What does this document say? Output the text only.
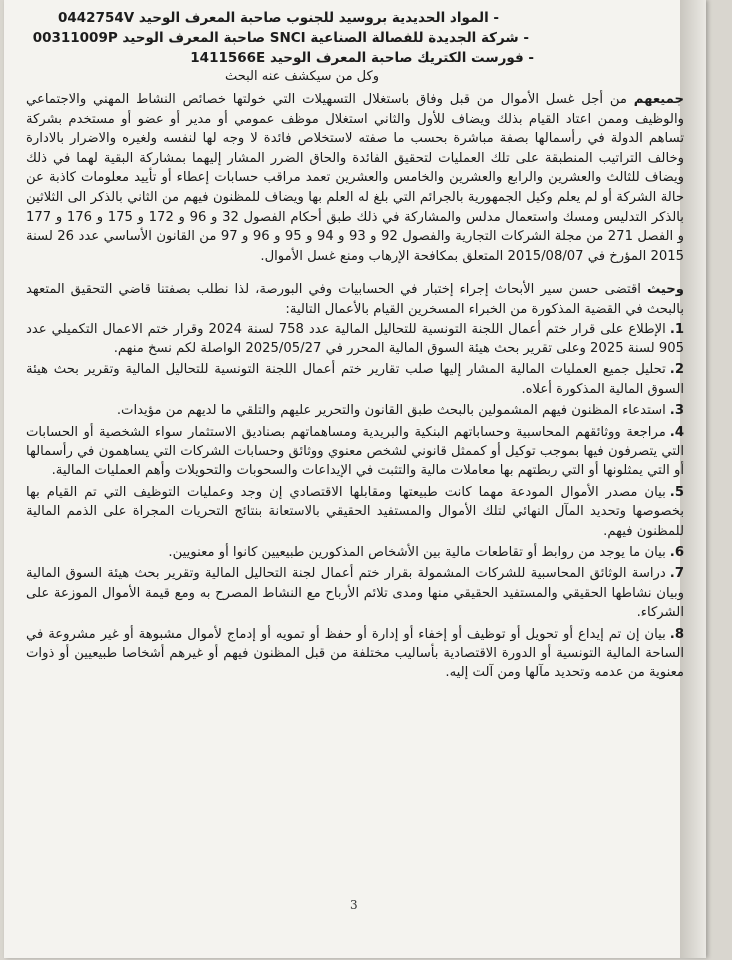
- المواد الحديدية بروسيد للجنوب صاحبة المعرف الوحيد 0442754V

- شركة الجديدة للفصالة الصناعية SNCI صاحبة المعرف الوحيد 00311009P

- فورست الكتريك صاحبة المعرف الوحيد 1411566E

وكل من سيكشف عنه البحث

جميعهم من أجل غسل الأموال من قبل وفاق باستغلال التسهيلات التي خولتها خصائص النشاط المهني والاجتماعي والوظيف وممن اعتاد القيام بذلك ويضاف للأول والثاني استغلال موظف عمومي أو مدير أو عضو أو مستخدم بشركة تساهم الدولة في رأسمالها بصفة مباشرة بحسب ما صفته لاستخلاص فائدة لا وجه لها لنفسه ولغيره والاضرار بالادارة وخالف التراتيب المنطبقة على تلك العمليات لتحقيق الفائدة والحاق الضرر المشار إليهما بمشاركة البقية لهما في ذلك ويضاف للثالث والعشرين والرابع والعشرين والخامس والعشرين تعمد مراقب حسابات إعطاء أو تأييد معلومات كاذبة عن حالة الشركة أو لم يعلم وكيل الجمهورية بالجرائم التي بلغ له العلم بها ويضاف للمظنون فيهم من الثاني بالذكر الى الثلاثين بالذكر التدليس ومسك واستعمال مدلس والمشاركة في ذلك طبق أحكام الفصول 32 و 96 و 172 و 175 و 176 و 177 و الفصل 271 من مجلة الشركات التجارية والفصول 92 و 93 و 94 و 95 و 96 و 97 من القانون الأساسي عدد 26 لسنة 2015 المؤرخ في 2015/08/07 المتعلق بمكافحة الإرهاب ومنع غسل الأموال.

وحيث اقتضى حسن سير الأبحاث إجراء إختبار في الحسابيات وفي البورصة، لذا نطلب بصفتنا قاضي التحقيق المتعهد بالبحث في القضية المذكورة من الخبراء المسخرين القيام بالأعمال التالية:

1.الإطلاع على قرار ختم أعمال اللجنة التونسية للتحاليل المالية عدد 758 لسنة 2024 وقرار ختم الاعمال التكميلي عدد 905 لسنة 2025 وعلى تقرير بحث هيئة السوق المالية المحرر في 2025/05/27 الواصلة لكم نسخ منهم.

2.تحليل جميع العمليات المالية المشار إليها صلب تقارير ختم أعمال اللجنة التونسية للتحاليل المالية وتقرير بحث هيئة السوق المالية المذكورة أعلاه.

3.استدعاء المظنون فيهم المشمولين بالبحث طبق القانون والتحرير عليهم والتلقي ما لديهم من مؤيدات.

4.مراجعة ووثائقهم المحاسبية وحساباتهم البنكية والبريدية ومساهماتهم بصناديق الاستثمار سواء الشخصية أو الحسابات التي يتصرفون فيها بموجب توكيل أو كممثل قانوني لشخص معنوي ووثائق وحسابات الشركات التي يساهمون في رأسمالها أو التي يمثلونها أو التي ربطتهم بها معاملات مالية والتثبت في الإيداعات والسحوبات والتحويلات وأهم العمليات المالية.

5.بيان مصدر الأموال المودعة مهما كانت طبيعتها ومقابلها الاقتصادي إن وجد وعمليات التوظيف التي تم القيام بها بخصوصها وتحديد المآل النهائي لتلك الأموال والمستفيد الحقيقي بالاستعانة بنتائج التحريات المجراة على الذمم المالية للمظنون فيهم.

6.بيان ما يوجد من روابط أو تقاطعات مالية بين الأشخاص المذكورين طبيعيين كانوا أو معنويين.

7.دراسة الوثائق المحاسبية للشركات المشمولة بقرار ختم أعمال لجنة التحاليل المالية وتقرير بحث هيئة السوق المالية وبيان نشاطها الحقيقي والمستفيد الحقيقي منها ومدى تلائم الأرباح مع النشاط المصرح به ومع قيمة الأموال الموزعة على الشركاء.

8.بيان إن تم إيداع أو تحويل أو توظيف أو إخفاء أو إدارة أو حفظ أو تمويه أو إدماج لأموال مشبوهة أو غير مشروعة في الساحة المالية التونسية أو الدورة الاقتصادية بأساليب مختلفة من قبل المظنون فيهم أو غيرهم أشخاصا طبيعيين أو ذوات معنوية من عدمه وتحديد مآلها ومن آلت إليه.

3
